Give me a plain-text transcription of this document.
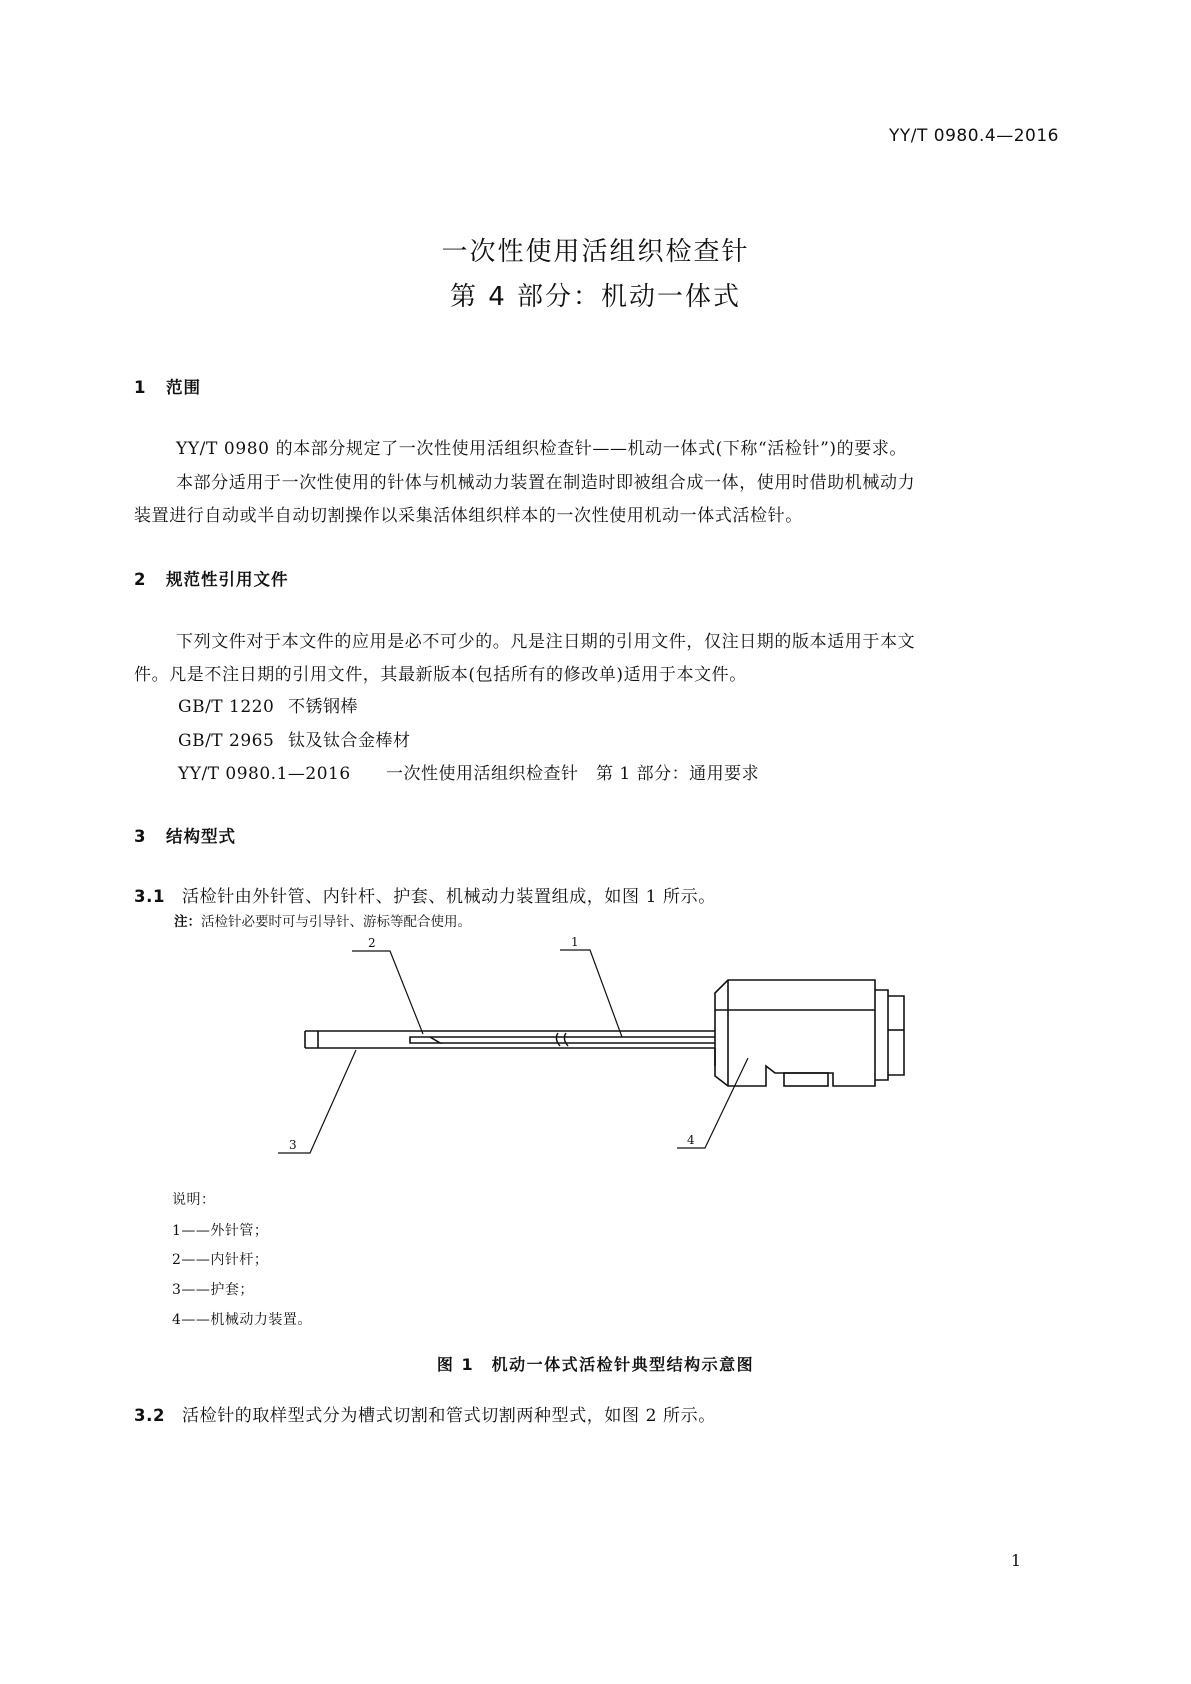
YY/T 0980.4—2016
一次性使用活组织检查针
第 4 部分：机动一体式
1 范围
YY/T 0980 的本部分规定了一次性使用活组织检查针——机动一体式(下称“活检针”)的要求。
本部分适用于一次性使用的针体与机械动力装置在制造时即被组合成一体，使用时借助机械动力
装置进行自动或半自动切割操作以采集活体组织样本的一次性使用机动一体式活检针。
2 规范性引用文件
下列文件对于本文件的应用是必不可少的。凡是注日期的引用文件，仅注日期的版本适用于本文
件。凡是不注日期的引用文件，其最新版本(包括所有的修改单)适用于本文件。
GB/T 1220 不锈钢棒
GB/T 2965 钛及钛合金棒材
YY/T 0980.1—2016 一次性使用活组织检查针　第 1 部分：通用要求
3 结构型式
3.1 活检针由外针管、内针杆、护套、机械动力装置组成，如图 1 所示。
注：活检针必要时可与引导针、游标等配合使用。
2	1
3	4
说明：
1——外针管；
2——内针杆；
3——护套；
4——机械动力装置。
图 1　机动一体式活检针典型结构示意图
3.2 活检针的取样型式分为槽式切割和管式切割两种型式，如图 2 所示。
1
